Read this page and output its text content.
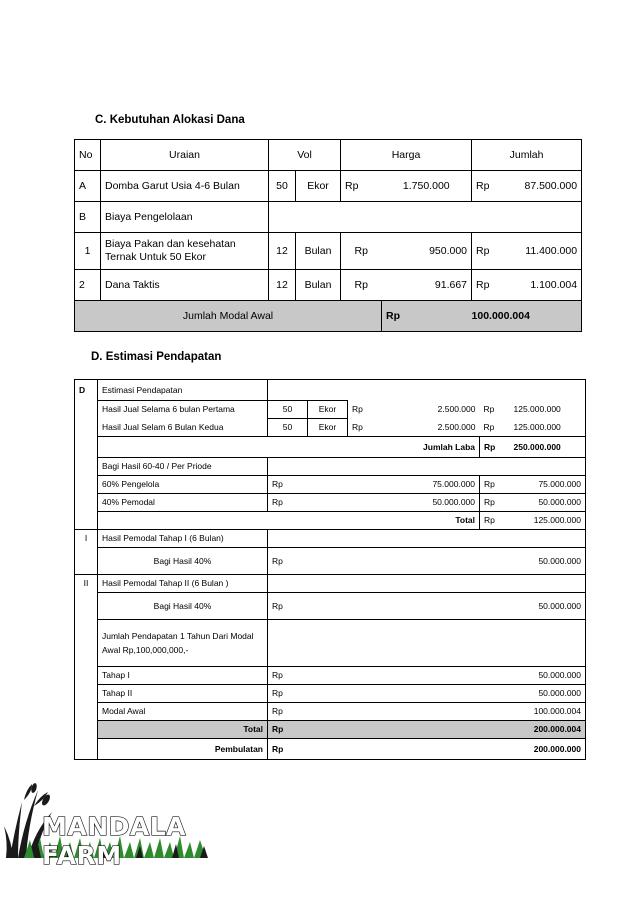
C. Kebutuhan Alokasi Dana
No	Uraian	Vol		Harga		Jumlah	
A	Domba Garut Usia 4-6 Bulan	50	Ekor	Rp	1.750.000	Rp	87.500.000
B	Biaya Pengelolaan						
1	Biaya Pakan dan kesehatan Ternak Untuk 50 Ekor	12	Bulan	Rp	950.000	Rp	11.400.000
2	Dana Taktis	12	Bulan	Rp	91.667	Rp	1.100.004
Jumlah Modal Awal					Rp	100.000.004	
D. Estimasi Pendapatan
D	Estimasi Pendapatan						
	Hasil Jual Selama 6 bulan Pertama	50	Ekor	Rp	2.500.000	Rp	125.000.000
	Hasil Jual Selam 6 Bulan Kedua	50	Ekor	Rp	2.500.000	Rp	125.000.000
	Jumlah Laba					Rp	250.000.000
	Bagi Hasil 60-40 / Per Priode						
	60% Pengelola	Rp	75.000.000			Rp	75.000.000
	40% Pemodal	Rp	50.000.000			Rp	50.000.000
	Total					Rp	125.000.000
I	Hasil Pemodal Tahap I (6 Bulan)						
	Bagi Hasil 40%	Rp	50.000.000				
II	Hasil Pemodal Tahap II (6 Bulan )						
	Bagi Hasil 40%	Rp	50.000.000				
	Jumlah Pendapatan 1 Tahun Dari Modal Awal Rp,100,000,000,-						
	Tahap I	Rp	50.000.000				
	Tahap II	Rp	50.000.000				
	Modal Awal	Rp	100.000.004				
	Total	Rp	200.000.004				
	Pembulatan	Rp	200.000.000				
MANDALA FARM
